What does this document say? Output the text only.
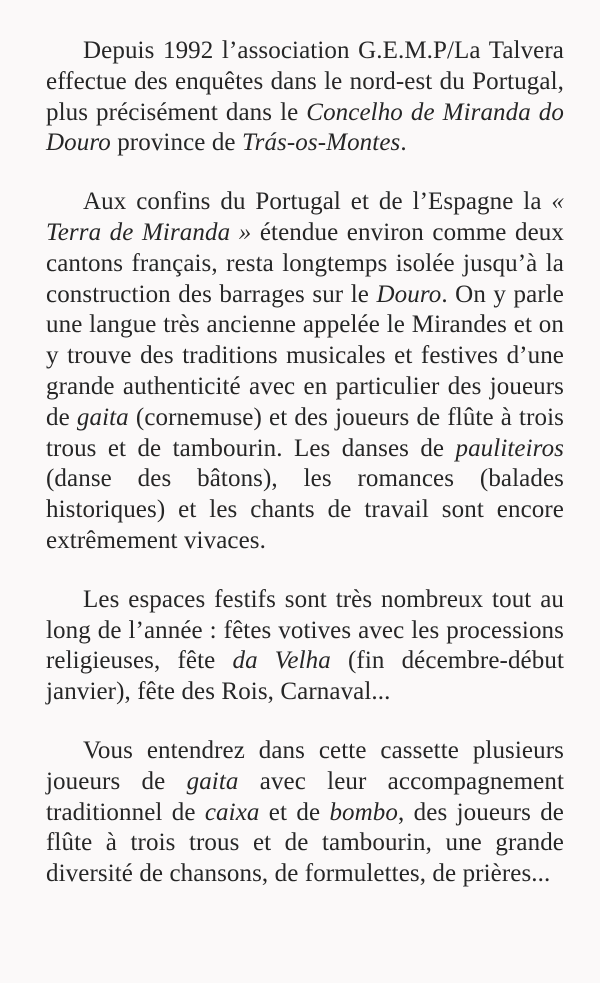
Depuis 1992 l’association G.E.M.P/La Talvera effectue des enquêtes dans le nord-est du Portugal, plus précisément dans le Concelho de Miranda do Douro province de Trás-os-Montes.

Aux confins du Portugal et de l’Espagne la « Terra de Miranda » étendue environ comme deux cantons français, resta longtemps isolée jusqu’à la construction des barrages sur le Douro. On y parle une langue très ancienne appelée le Mirandes et on y trouve des traditions musicales et festives d’une grande authenticité avec en particulier des joueurs de gaita (cornemuse) et des joueurs de flûte à trois trous et de tambourin. Les danses de pauliteiros (danse des bâtons), les romances (balades historiques) et les chants de travail sont encore extrêmement vivaces.

Les espaces festifs sont très nombreux tout au long de l’année : fêtes votives avec les processions religieuses, fête da Velha (fin décembre-début janvier), fête des Rois, Carnaval...

Vous entendrez dans cette cassette plusieurs joueurs de gaita avec leur accompagnement traditionnel de caixa et de bombo, des joueurs de flûte à trois trous et de tambourin, une grande diversité de chansons, de formulettes, de prières...
